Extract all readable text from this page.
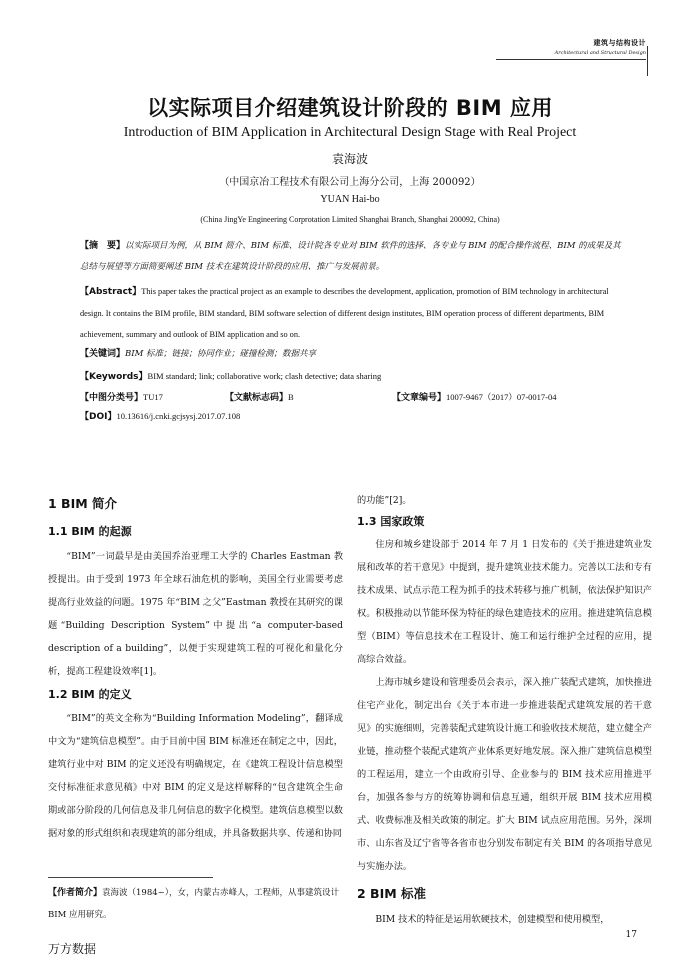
建筑与结构设计
Architectural and Structural Design
以实际项目介绍建筑设计阶段的 BIM 应用
Introduction of BIM Application in Architectural Design Stage with Real Project
袁海波
（中国京冶工程技术有限公司上海分公司，上海 200092）
YUAN Hai-bo
(China JingYe Engineering Corprotation Limited Shanghai Branch, Shanghai 200092, China)
【摘　要】以实际项目为例，从 BIM 简介、BIM 标准、设计院各专业对 BIM 软件的选择、各专业与 BIM 的配合操作流程、BIM 的成果及其总结与展望等方面简要阐述 BIM 技术在建筑设计阶段的应用、推广与发展前景。
【Abstract】This paper takes the practical project as an example to describes the development, application, promotion of BIM technology in architectural design. It contains the BIM profile, BIM standard, BIM software selection of different design institutes, BIM operation process of different departments, BIM achievement, summary and outlook of BIM application and so on.
【关键词】BIM 标准；链接；协同作业；碰撞检测；数据共享
【Keywords】BIM standard; link; collaborative work; clash detective; data sharing
【中图分类号】TU17	【文献标志码】B	【文章编号】1007-9467（2017）07-0017-04
【DOI】10.13616/j.cnki.gcjsysj.2017.07.108
1 BIM 简介
1.1 BIM 的起源

“BIM”一词最早是由美国乔治亚理工大学的 Charles Eastman 教授提出。由于受到 1973 年全球石油危机的影响，美国全行业需要考虑提高行业效益的问题。1975 年“BIM 之父”Eastman 教授在其研究的课题“Building Description System”中提出“a computer-based description of a building”，以便于实现建筑工程的可视化和量化分析，提高工程建设效率[1]。

1.2 BIM 的定义

“BIM”的英文全称为“Building Information Modeling”，翻译成中文为“建筑信息模型”。由于目前中国 BIM 标准还在制定之中，因此，建筑行业中对 BIM 的定义还没有明确规定，在《建筑工程设计信息模型交付标准征求意见稿》中对 BIM 的定义是这样解释的“包含建筑全生命期或部分阶段的几何信息及非几何信息的数字化模型。建筑信息模型以数据对象的形式组织和表现建筑的部分组成，并具备数据共享、传递和协同

的功能”[2]。
1.3 国家政策

住房和城乡建设部于 2014 年 7 月 1 日发布的《关于推进建筑业发展和改革的若干意见》中提到，提升建筑业技术能力。完善以工法和专有技术成果、试点示范工程为抓手的技术转移与推广机制，依法保护知识产权。积极推动以节能环保为特征的绿色建造技术的应用。推进建筑信息模型（BIM）等信息技术在工程设计、施工和运行维护全过程的应用，提高综合效益。

上海市城乡建设和管理委员会表示，深入推广装配式建筑，加快推进住宅产业化，制定出台《关于本市进一步推进装配式建筑发展的若干意见》的实施细则，完善装配式建筑设计施工和验收技术规范，建立健全产业链，推动整个装配式建筑产业体系更好地发展。深入推广建筑信息模型的工程运用，建立一个由政府引导、企业参与的 BIM 技术应用推进平台，加强各参与方的统筹协调和信息互通，组织开展 BIM 技术应用模式、收费标准及相关政策的制定。扩大 BIM 试点应用范围。另外，深圳市、山东省及辽宁省等各省市也分别发布制定有关 BIM 的各项指导意见与实施办法。

2 BIM 标准

BIM 技术的特征是运用软硬技术，创建模型和使用模型，

【作者简介】袁海波（1984~），女，内蒙古赤峰人，工程师，从事建筑设计 BIM 应用研究。
17
万方数据
